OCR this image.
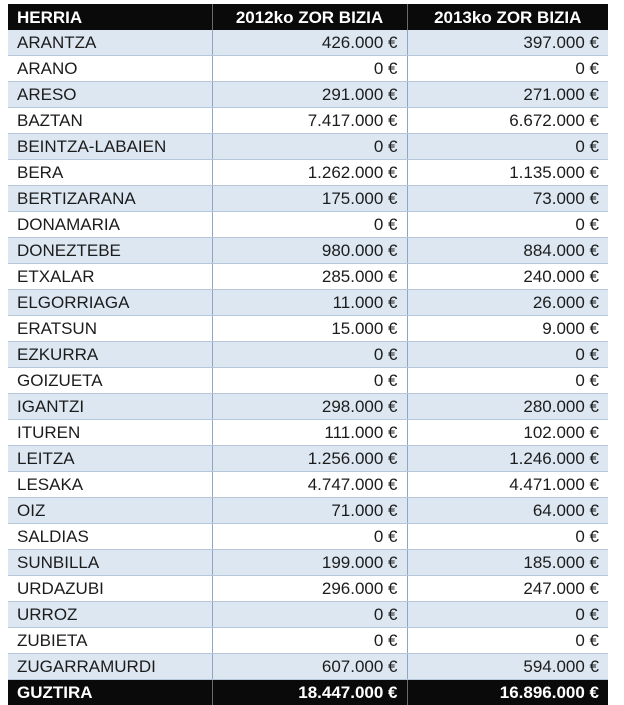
HERRIA	2012ko ZOR BIZIA	2013ko ZOR BIZIA
ARANTZA	426.000 €	397.000 €
ARANO	0 €	0 €
ARESO	291.000 €	271.000 €
BAZTAN	7.417.000 €	6.672.000 €
BEINTZA-LABAIEN	0 €	0 €
BERA	1.262.000 €	1.135.000 €
BERTIZARANA	175.000 €	73.000 €
DONAMARIA	0 €	0 €
DONEZTEBE	980.000 €	884.000 €
ETXALAR	285.000 €	240.000 €
ELGORRIAGA	11.000 €	26.000 €
ERATSUN	15.000 €	9.000 €
EZKURRA	0 €	0 €
GOIZUETA	0 €	0 €
IGANTZI	298.000 €	280.000 €
ITUREN	111.000 €	102.000 €
LEITZA	1.256.000 €	1.246.000 €
LESAKA	4.747.000 €	4.471.000 €
OIZ	71.000 €	64.000 €
SALDIAS	0 €	0 €
SUNBILLA	199.000 €	185.000 €
URDAZUBI	296.000 €	247.000 €
URROZ	0 €	0 €
ZUBIETA	0 €	0 €
ZUGARRAMURDI	607.000 €	594.000 €
GUZTIRA	18.447.000 €	16.896.000 €
